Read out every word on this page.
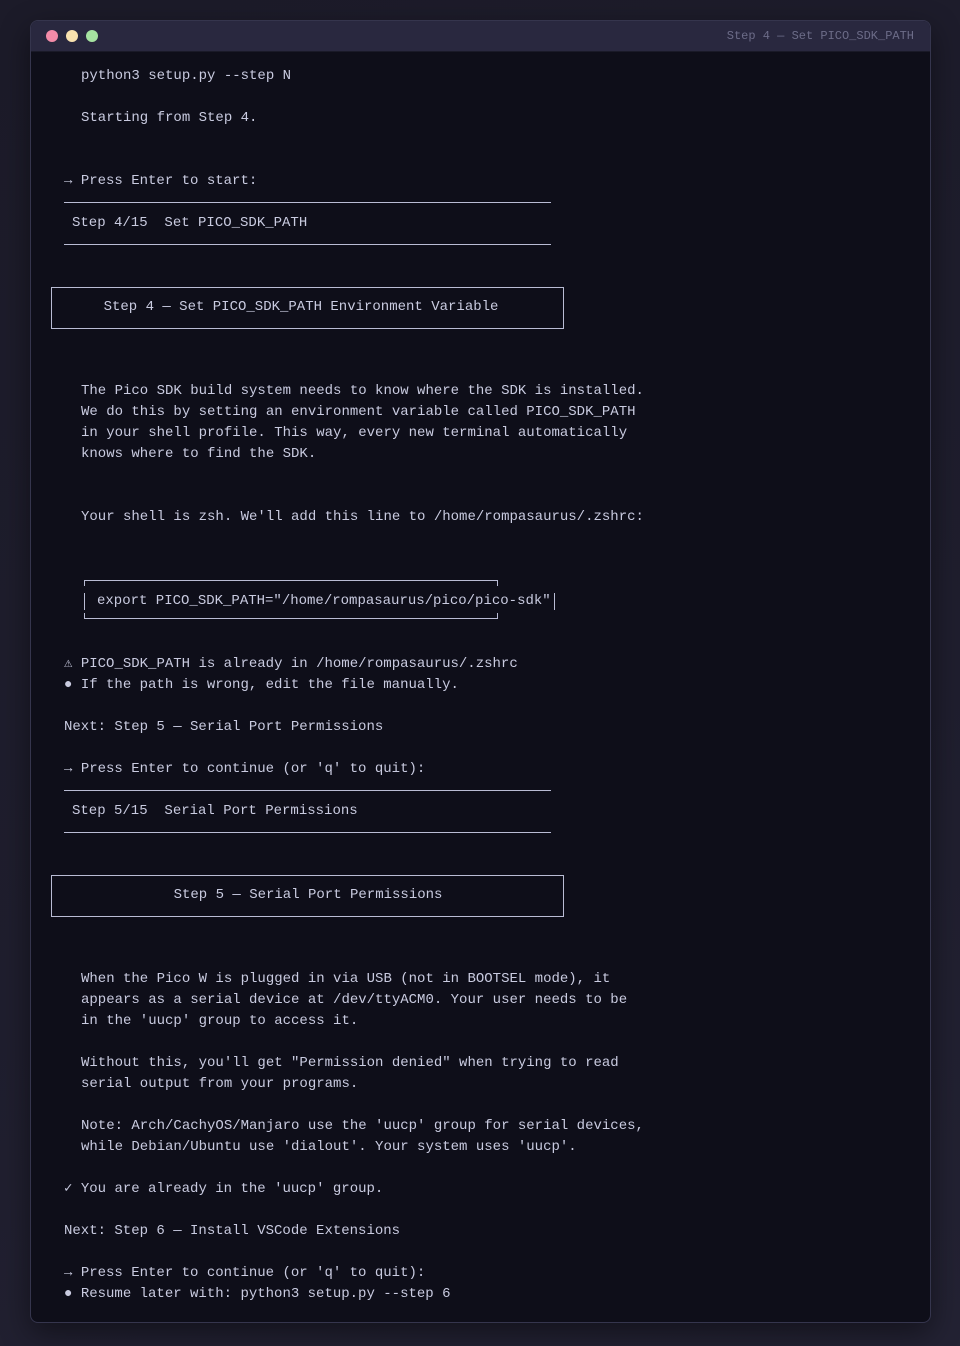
Step 4 — Set PICO_SDK_PATH
python3 setup.py --step N
Starting from Step 4.
→ Press Enter to start:
Step 4/15  Set PICO_SDK_PATH
Step 4 — Set PICO_SDK_PATH Environment Variable
The Pico SDK build system needs to know where the SDK is installed.
We do this by setting an environment variable called PICO_SDK_PATH
in your shell profile. This way, every new terminal automatically
knows where to find the SDK.
Your shell is zsh. We'll add this line to /home/rompasaurus/.zshrc:
export PICO_SDK_PATH="/home/rompasaurus/pico/pico-sdk"
⚠ PICO_SDK_PATH is already in /home/rompasaurus/.zshrc
● If the path is wrong, edit the file manually.
Next: Step 5 — Serial Port Permissions
→ Press Enter to continue (or 'q' to quit):
Step 5/15  Serial Port Permissions
Step 5 — Serial Port Permissions
When the Pico W is plugged in via USB (not in BOOTSEL mode), it
appears as a serial device at /dev/ttyACM0. Your user needs to be
in the 'uucp' group to access it.
Without this, you'll get "Permission denied" when trying to read
serial output from your programs.
Note: Arch/CachyOS/Manjaro use the 'uucp' group for serial devices,
while Debian/Ubuntu use 'dialout'. Your system uses 'uucp'.
✓ You are already in the 'uucp' group.
Next: Step 6 — Install VSCode Extensions
→ Press Enter to continue (or 'q' to quit):
● Resume later with: python3 setup.py --step 6
